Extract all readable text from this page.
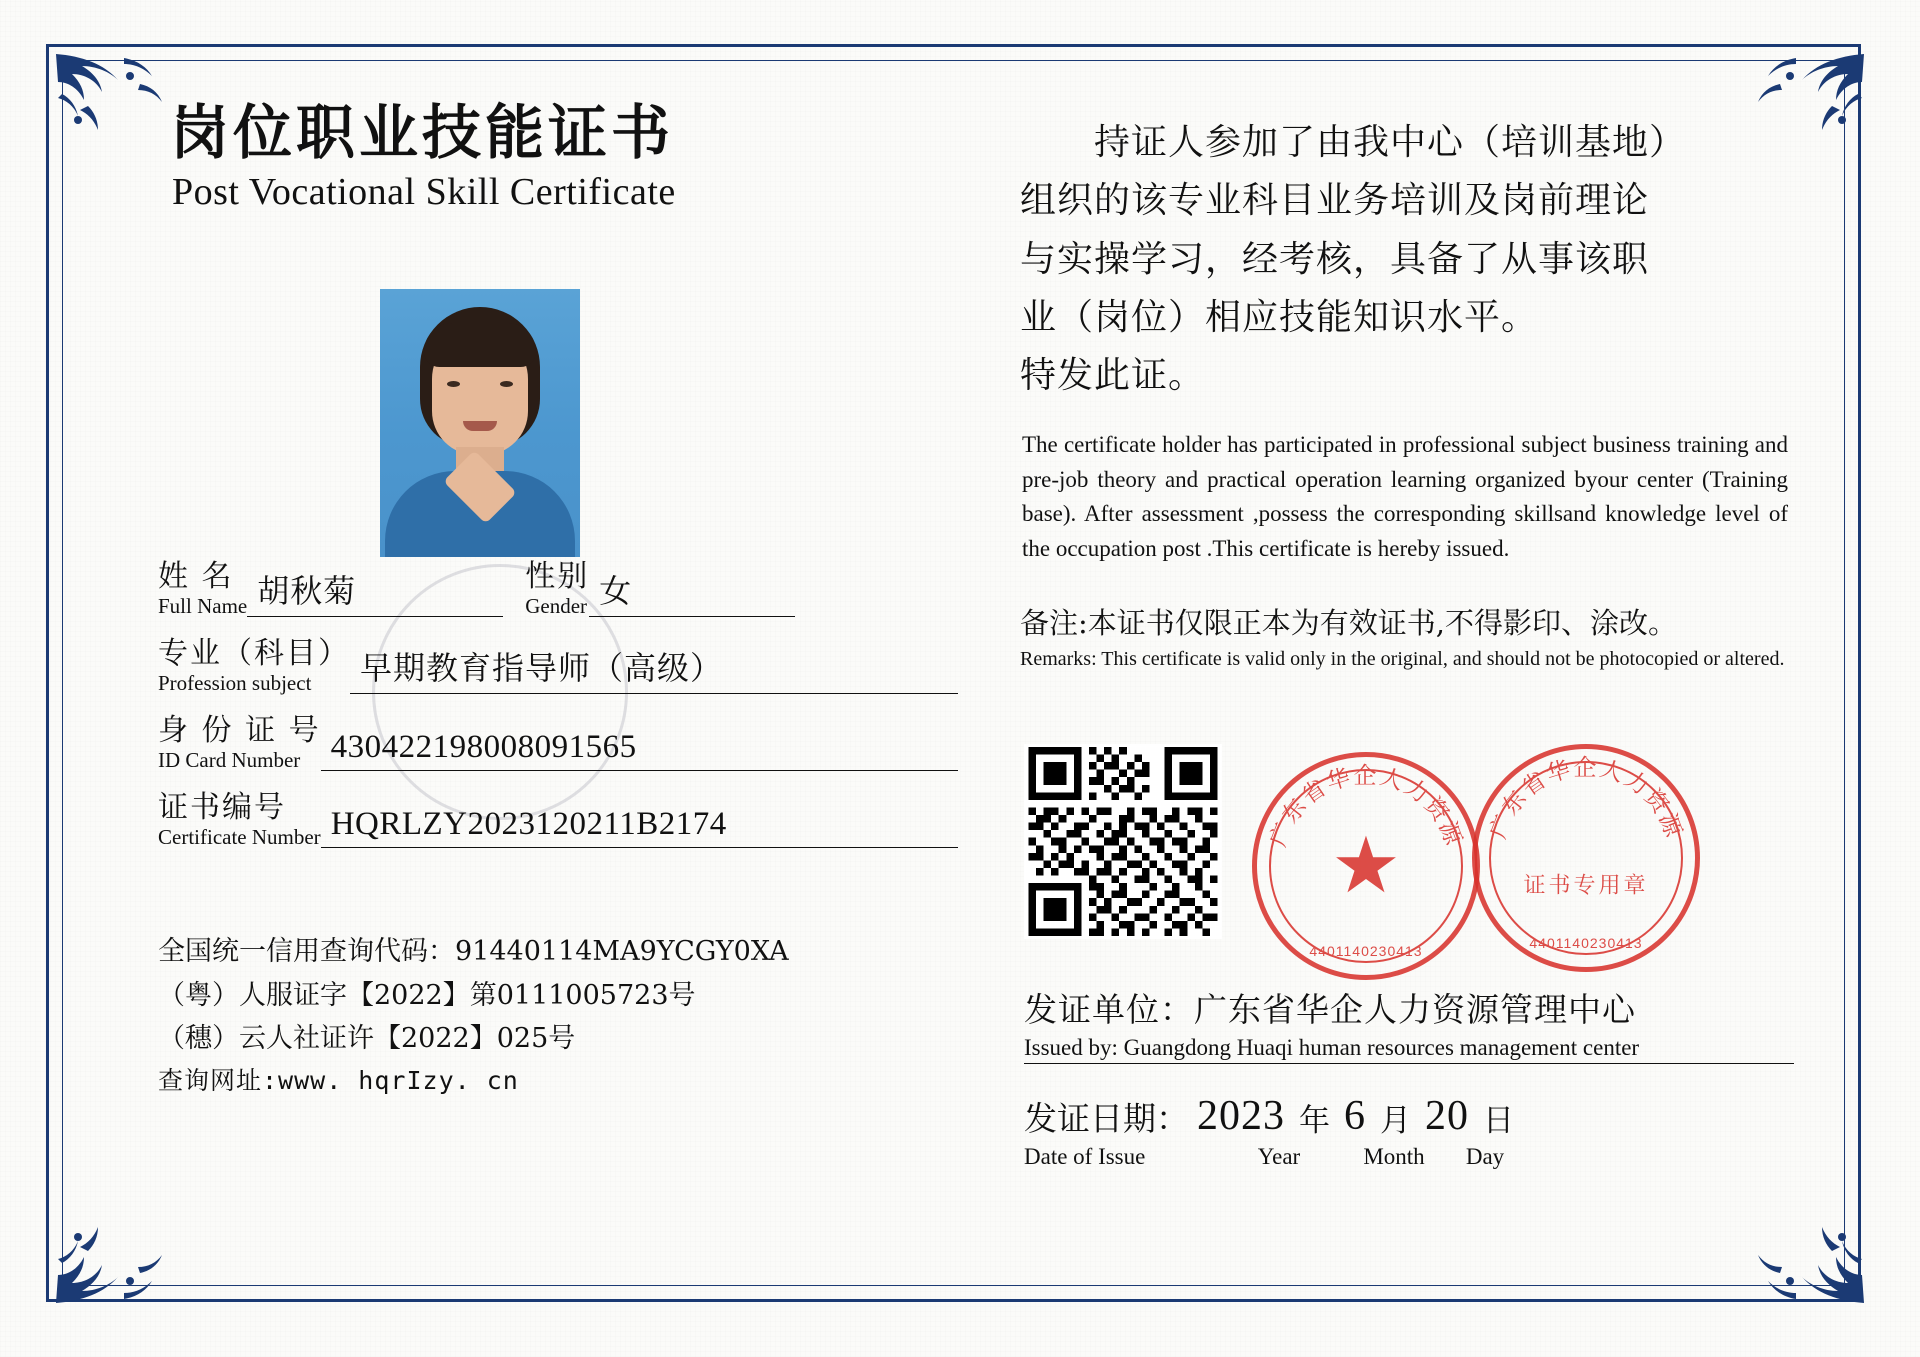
岗位职业技能证书
Post Vocational Skill Certificate
姓 名
Full Name 胡秋菊	性别
Gender 女
专业（科目）
Profession subject	早期教育指导师（高级）
身 份 证 号
ID Card Number 430422198008091565
证书编号
Certificate Number HQRLZY2023120211B2174
全国统一信用查询代码：91440114MA9YCGY0XA
（粤）人服证字【2022】第0111005723号
（穗）云人社证许【2022】025号
查询网址:www. hqrIzy. cn
持证人参加了由我中心（培训基地）
组织的该专业科目业务培训及岗前理论
与实操学习，经考核，具备了从事该职
业（岗位）相应技能知识水平。
特发此证。
The certificate holder has participated in professional subject business training and pre-job theory and practical operation learning organized byour center (Training base). After assessment ,possess the corresponding skillsand knowledge level of the occupation post .This certificate is hereby issued.
备注:本证书仅限正本为有效证书,不得影印、涂改。
Remarks: This certificate is valid only in the original, and should not be photocopied or altered.
广东省华企人力资源
★
4401140230413
广东省华企人力资源
证书专用章
4401140230413
发证单位：广东省华企人力资源管理中心
Issued by: Guangdong Huaqi human resources management center
发证日期： 2023 年 6 月 20 日
Date of Issue	Year	Month	Day
